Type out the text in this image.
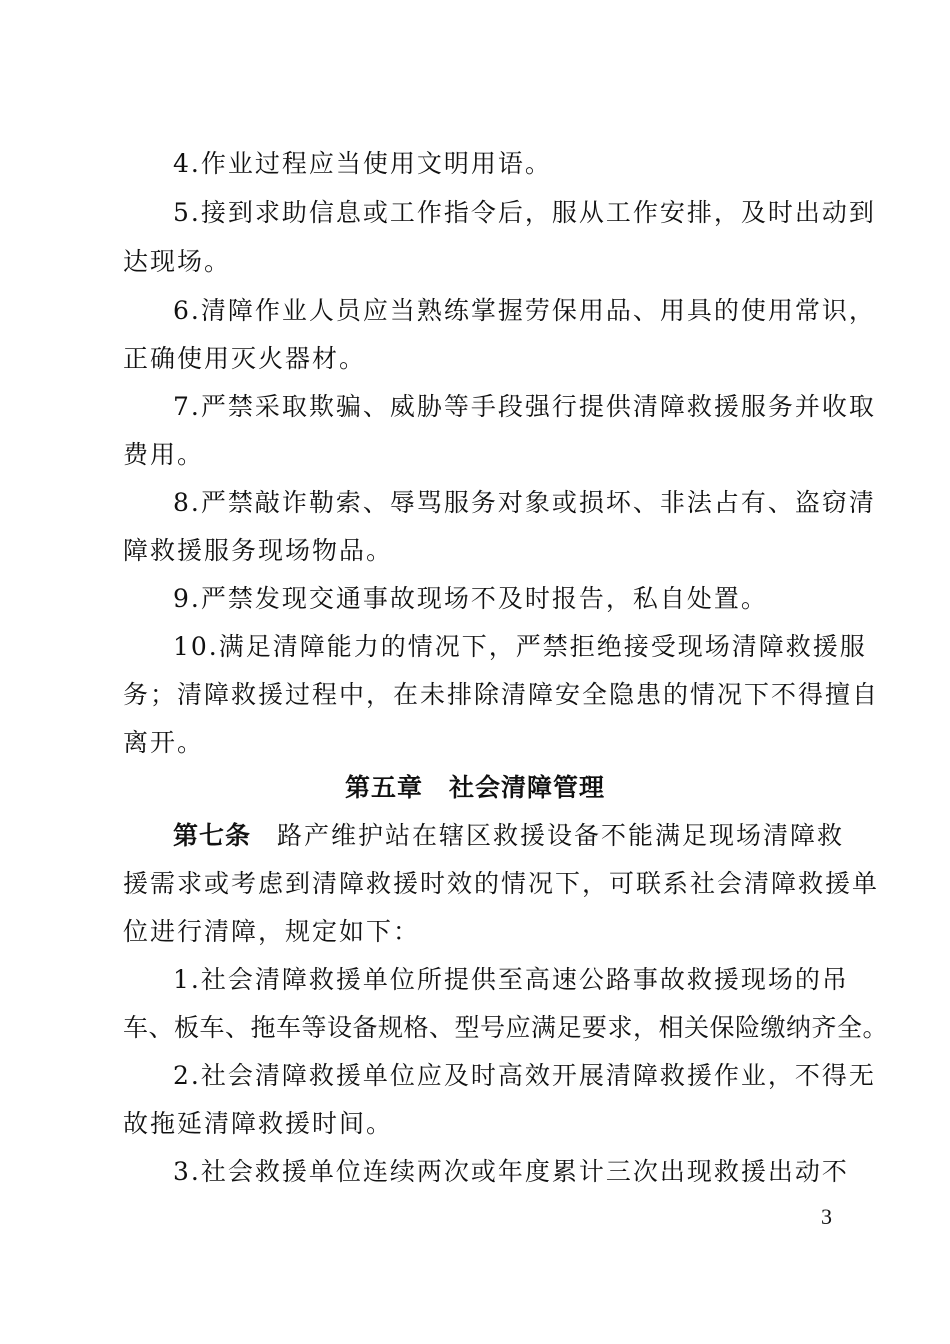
4.作业过程应当使用文明用语。
5.接到求助信息或工作指令后，服从工作安排，及时出动到
达现场。
6.清障作业人员应当熟练掌握劳保用品、用具的使用常识，
正确使用灭火器材。
7.严禁采取欺骗、威胁等手段强行提供清障救援服务并收取
费用。
8.严禁敲诈勒索、辱骂服务对象或损坏、非法占有、盗窃清
障救援服务现场物品。
9.严禁发现交通事故现场不及时报告，私自处置。
10.满足清障能力的情况下，严禁拒绝接受现场清障救援服
务；清障救援过程中，在未排除清障安全隐患的情况下不得擅自
离开。
第五章　社会清障管理
第七条 路产维护站在辖区救援设备不能满足现场清障救
援需求或考虑到清障救援时效的情况下，可联系社会清障救援单
位进行清障，规定如下：
1.社会清障救援单位所提供至高速公路事故救援现场的吊
车、板车、拖车等设备规格、型号应满足要求，相关保险缴纳齐全。
2.社会清障救援单位应及时高效开展清障救援作业，不得无
故拖延清障救援时间。
3.社会救援单位连续两次或年度累计三次出现救援出动不
3
